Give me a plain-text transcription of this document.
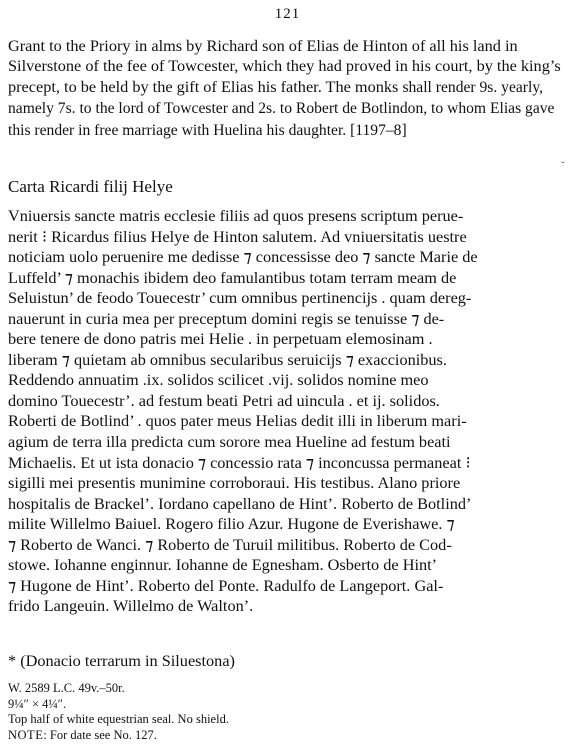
121

Grant to the Priory in alms by Richard son of Elias de Hinton of all his land in Silverstone of the fee of Towcester, which they had proved in his court, by the king’s precept, to be held by the gift of Elias his father. The monks shall render 9s. yearly, namely 7s. to the lord of Towcester and 2s. to Robert de Botlindon, to whom Elias gave this render in free marriage with Huelina his daughter. [1197–8]

ˇ
Carta Ricardi filij Helye

Vniuersis sancte matris ecclesie filiis ad quos presens scriptum perue-
nerit ⁝ Ricardus filius Helye de Hinton salutem. Ad vniuersitatis uestre
noticiam uolo peruenire me dedisse ⁊ concessisse deo ⁊ sancte Marie de
Luffeld’ ⁊ monachis ibidem deo famulantibus totam terram meam de
Seluistun’ de feodo Touecestr’ cum omnibus pertinencijs . quam dereg-
nauerunt in curia mea per preceptum domini regis se tenuisse ⁊ de-
bere tenere de dono patris mei Helie . in perpetuam elemosinam .
liberam ⁊ quietam ab omnibus secularibus seruicijs ⁊ exaccionibus.
Reddendo annuatim .ix. solidos scilicet .vij. solidos nomine meo
domino Touecestr’. ad festum beati Petri ad uincula . et ij. solidos.
Roberti de Botlind’ . quos pater meus Helias dedit illi in liberum mari-
agium de terra illa predicta cum sorore mea Hueline ad festum beati
Michaelis. Et ut ista donacio ⁊ concessio rata ⁊ inconcussa permaneat ⁝
sigilli mei presentis munimine corroboraui. His testibus. Alano priore
hospitalis de Brackel’. Iordano capellano de Hint’. Roberto de Botlind’
milite Willelmo Baiuel. Rogero filio Azur. Hugone de Everishawe. ⁊
⁊ Roberto de Wanci. ⁊ Roberto de Turuil militibus. Roberto de Cod-
stowe. Iohanne enginnur. Iohanne de Egnesham. Osberto de Hint’
⁊ Hugone de Hint’. Roberto del Ponte. Radulfo de Langeport. Gal-
frido Langeuin. Willelmo de Walton’.

* (Donacio terrarum in Siluestona)

W. 2589 L.C. 49v.–50r.
9¼″ × 4¼″.
Top half of white equestrian seal. No shield.
NOTE: For date see No. 127.
